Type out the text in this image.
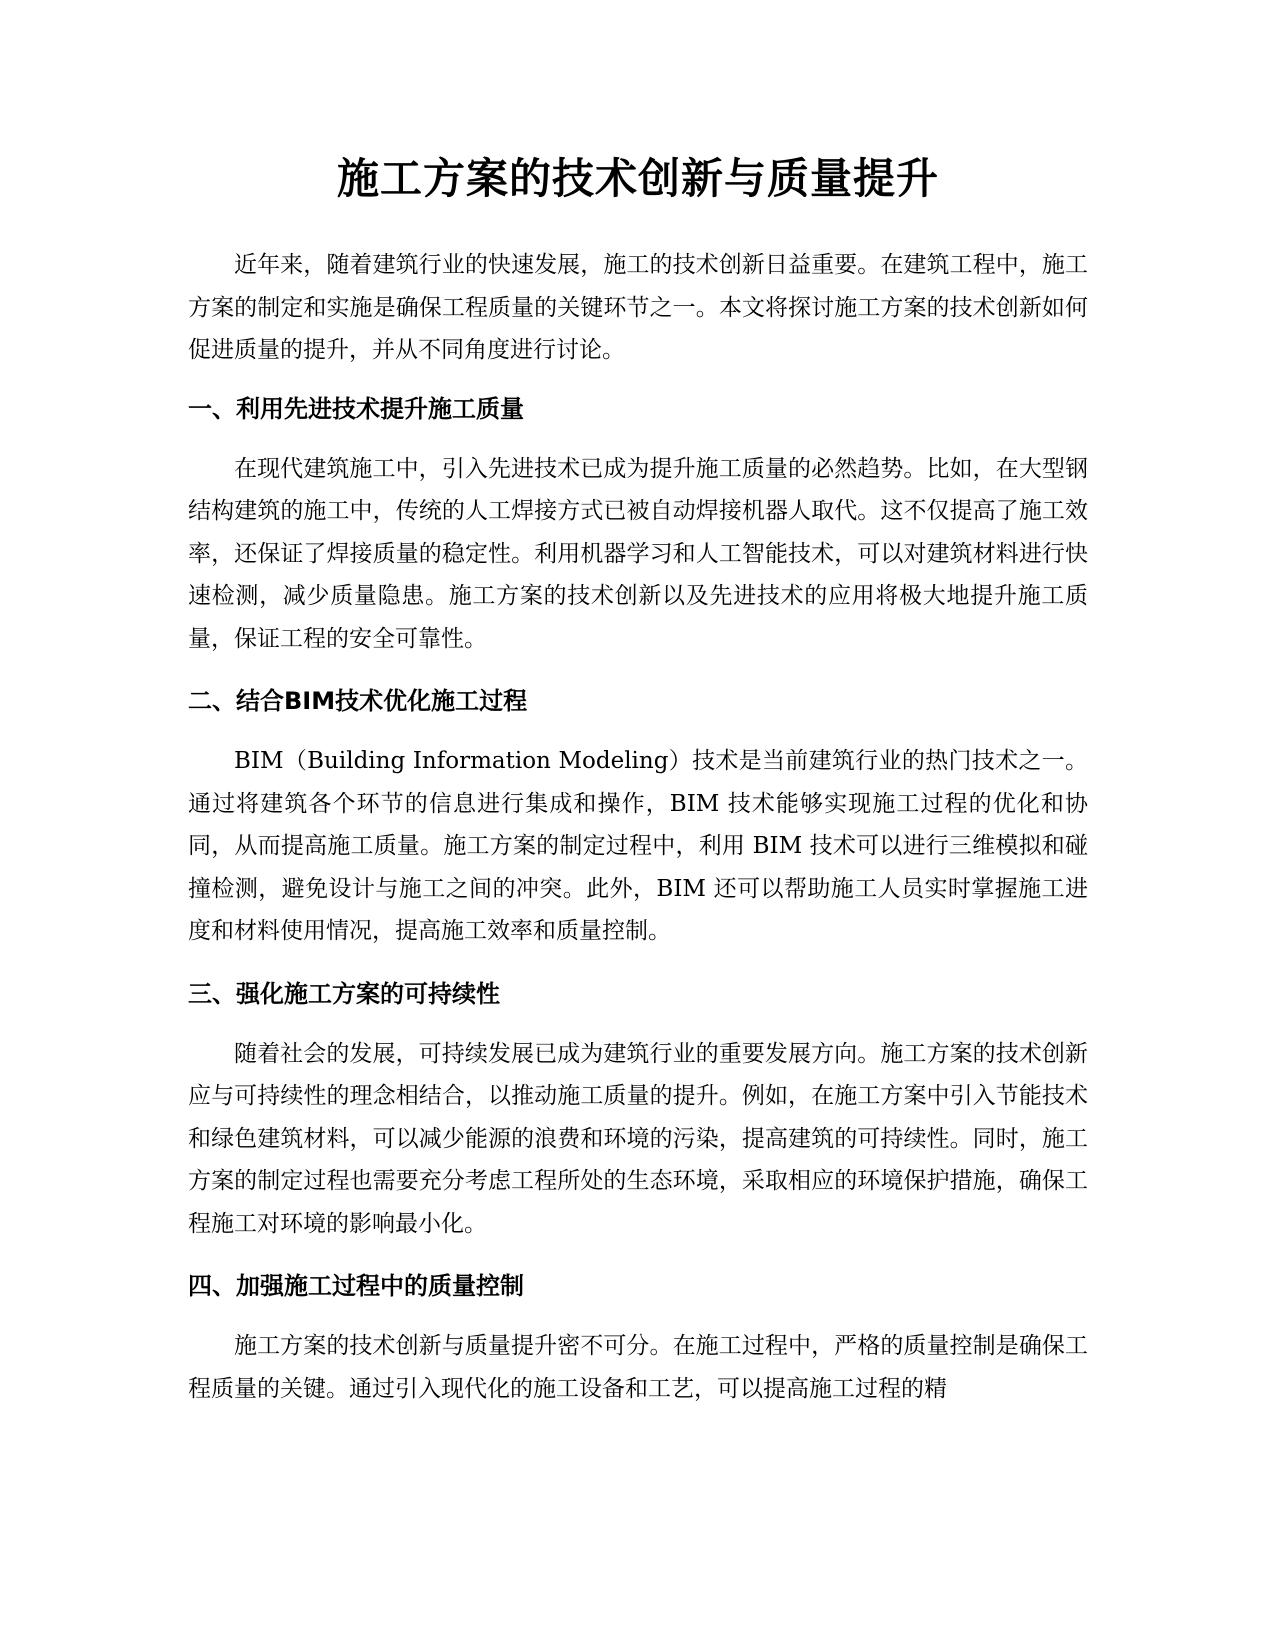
施工方案的技术创新与质量提升

近年来，随着建筑行业的快速发展，施工的技术创新日益重要。在建筑工程中，施工方案的制定和实施是确保工程质量的关键环节之一。本文将探讨施工方案的技术创新如何促进质量的提升，并从不同角度进行讨论。

一、利用先进技术提升施工质量

在现代建筑施工中，引入先进技术已成为提升施工质量的必然趋势。比如，在大型钢结构建筑的施工中，传统的人工焊接方式已被自动焊接机器人取代。这不仅提高了施工效率，还保证了焊接质量的稳定性。利用机器学习和人工智能技术，可以对建筑材料进行快速检测，减少质量隐患。施工方案的技术创新以及先进技术的应用将极大地提升施工质量，保证工程的安全可靠性。

二、结合BIM技术优化施工过程

BIM（Building Information Modeling）技术是当前建筑行业的热门技术之一。通过将建筑各个环节的信息进行集成和操作，BIM 技术能够实现施工过程的优化和协同，从而提高施工质量。施工方案的制定过程中，利用 BIM 技术可以进行三维模拟和碰撞检测，避免设计与施工之间的冲突。此外，BIM 还可以帮助施工人员实时掌握施工进度和材料使用情况，提高施工效率和质量控制。

三、强化施工方案的可持续性

随着社会的发展，可持续发展已成为建筑行业的重要发展方向。施工方案的技术创新应与可持续性的理念相结合，以推动施工质量的提升。例如，在施工方案中引入节能技术和绿色建筑材料，可以减少能源的浪费和环境的污染，提高建筑的可持续性。同时，施工方案的制定过程也需要充分考虑工程所处的生态环境，采取相应的环境保护措施，确保工程施工对环境的影响最小化。

四、加强施工过程中的质量控制

施工方案的技术创新与质量提升密不可分。在施工过程中，严格的质量控制是确保工程质量的关键。通过引入现代化的施工设备和工艺，可以提高施工过程的精
